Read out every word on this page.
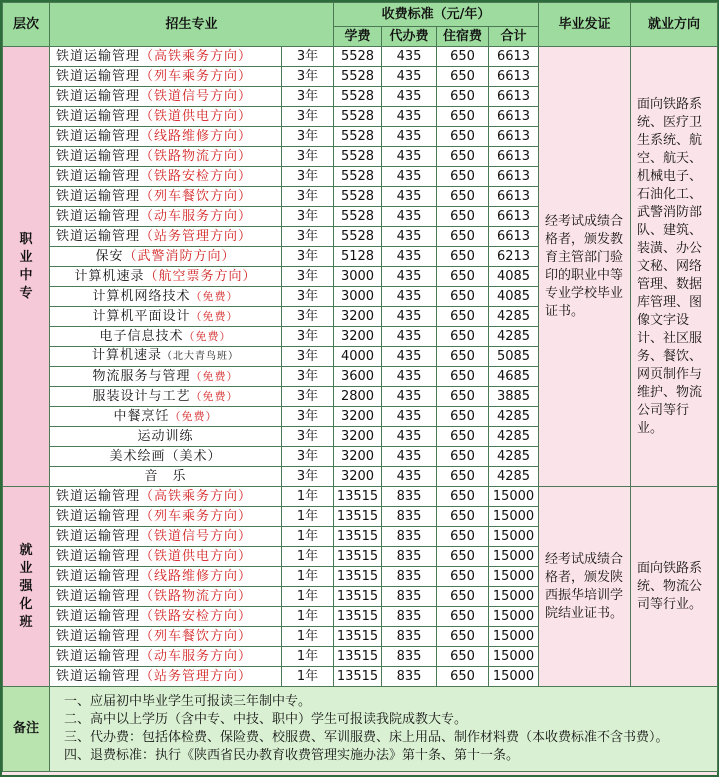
层次	招生专业		收费标准（元/年）				毕业发证	就业方向
			学费	代办费	住宿费	合计		

职
业
中
专	铁道运输管理（高铁乘务方向）	3年	5528	435	650	6613	经考试成绩合格者，颁发教育主管部门验印的职业中等专业学校毕业证书。	面向铁路系统、医疗卫生系统、航空、航天、机械电子、石油化工、武警消防部队、建筑、装潢、办公文秘、网络管理、数据库管理、图像文字设计、社区服务、餐饮、网页制作与维护、物流公司等行业。
	铁道运输管理（列车乘务方向）	3年	5528	435	650	6613		
	铁道运输管理（铁道信号方向）	3年	5528	435	650	6613		
	铁道运输管理（铁道供电方向）	3年	5528	435	650	6613		
	铁道运输管理（线路维修方向）	3年	5528	435	650	6613		
	铁道运输管理（铁路物流方向）	3年	5528	435	650	6613		
	铁道运输管理（铁路安检方向）	3年	5528	435	650	6613		
	铁道运输管理（列车餐饮方向）	3年	5528	435	650	6613		
	铁道运输管理（动车服务方向）	3年	5528	435	650	6613		
	铁道运输管理（站务管理方向）	3年	5528	435	650	6613		
	保安（武警消防方向）	3年	5128	435	650	6213		
	计算机速录（航空票务方向）	3年	3000	435	650	4085		
	计算机网络技术（免费）	3年	3000	435	650	4085		
	计算机平面设计（免费）	3年	3200	435	650	4285		
	电子信息技术（免费）	3年	3200	435	650	4285		
	计算机速录（北大青鸟班）	3年	4000	435	650	5085		
	物流服务与管理（免费）	3年	3600	435	650	4685		
	服装设计与工艺（免费）	3年	2800	435	650	3885		
	中餐烹饪（免费）	3年	3200	435	650	4285		
	运动训练	3年	3200	435	650	4285		
	美术绘画（美术）	3年	3200	435	650	4285		
	音　乐	3年	3200	435	650	4285		

就
业
强
化
班	铁道运输管理（高铁乘务方向）	1年	13515	835	650	15000	经考试成绩合格者，颁发陕西振华培训学院结业证书。	面向铁路系统、物流公司等行业。
	铁道运输管理（列车乘务方向）	1年	13515	835	650	15000		
	铁道运输管理（铁道信号方向）	1年	13515	835	650	15000		
	铁道运输管理（铁道供电方向）	1年	13515	835	650	15000		
	铁道运输管理（线路维修方向）	1年	13515	835	650	15000		
	铁道运输管理（铁路物流方向）	1年	13515	835	650	15000		
	铁道运输管理（铁路安检方向）	1年	13515	835	650	15000		
	铁道运输管理（列车餐饮方向）	1年	13515	835	650	15000		
	铁道运输管理（动车服务方向）	1年	13515	835	650	15000		
	铁道运输管理（站务管理方向）	1年	13515	835	650	15000		
备注	一、应届初中毕业学生可报读三年制中专。
二、高中以上学历（含中专、中技、职中）学生可报读我院成教大专。
三、代办费：包括体检费、保险费、校服费、军训服费、床上用品、制作材料费（本收费标准不含书费）。
四、退费标准：执行《陕西省民办教育收费管理实施办法》第十条、第十一条。							
